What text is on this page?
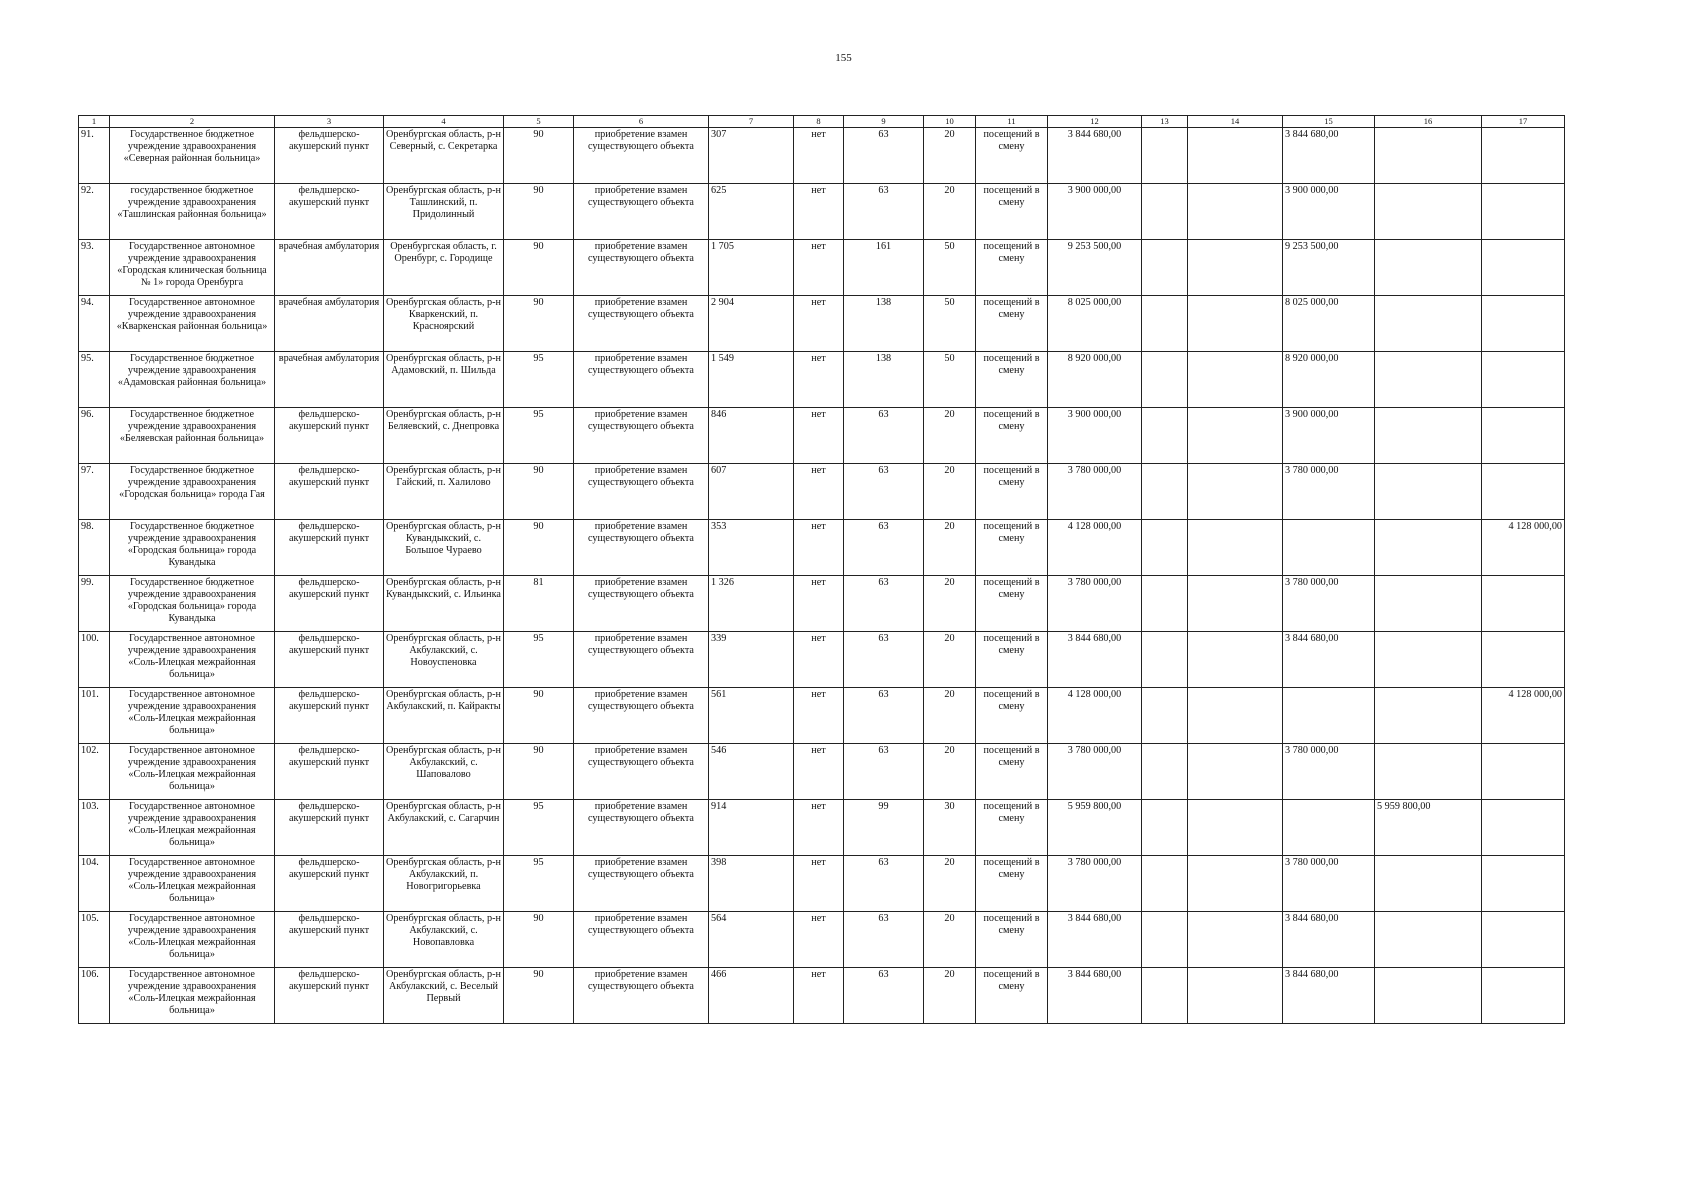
155
1	2	3	4	5	6	7	8	9	10	11	12	13	14	15	16	17
91.	Государственное бюджетное учреждение здравоохранения «Северная районная больница»	фельдшерско-акушерский пункт	Оренбургская область, р-н Северный, с. Секретарка	90	приобретение взамен существующего объекта	307	нет	63	20	посещений в смену	3 844 680,00			3 844 680,00		
92.	государственное бюджетное учреждение здравоохранения «Ташлинская районная больница»	фельдшерско-акушерский пункт	Оренбургская область, р-н Ташлинский, п. Придолинный	90	приобретение взамен существующего объекта	625	нет	63	20	посещений в смену	3 900 000,00			3 900 000,00		
93.	Государственное автономное учреждение здравоохранения «Городская клиническая больница № 1» города Оренбурга	врачебная амбулатория	Оренбургская область, г. Оренбург, с. Городище	90	приобретение взамен существующего объекта	1 705	нет	161	50	посещений в смену	9 253 500,00			9 253 500,00		
94.	Государственное автономное учреждение здравоохранения «Кваркенская районная больница»	врачебная амбулатория	Оренбургская область, р-н Кваркенский, п. Красноярский	90	приобретение взамен существующего объекта	2 904	нет	138	50	посещений в смену	8 025 000,00			8 025 000,00		
95.	Государственное бюджетное учреждение здравоохранения «Адамовская районная больница»	врачебная амбулатория	Оренбургская область, р-н Адамовский, п. Шильда	95	приобретение взамен существующего объекта	1 549	нет	138	50	посещений в смену	8 920 000,00			8 920 000,00		
96.	Государственное бюджетное учреждение здравоохранения «Беляевская районная больница»	фельдшерско-акушерский пункт	Оренбургская область, р-н Беляевский, с. Днепровка	95	приобретение взамен существующего объекта	846	нет	63	20	посещений в смену	3 900 000,00			3 900 000,00		
97.	Государственное бюджетное учреждение здравоохранения «Городская больница» города Гая	фельдшерско-акушерский пункт	Оренбургская область, р-н Гайский, п. Халилово	90	приобретение взамен существующего объекта	607	нет	63	20	посещений в смену	3 780 000,00			3 780 000,00		
98.	Государственное бюджетное учреждение здравоохранения «Городская больница» города Кувандыка	фельдшерско-акушерский пункт	Оренбургская область, р-н Кувандыкский, с. Большое Чураево	90	приобретение взамен существующего объекта	353	нет	63	20	посещений в смену	4 128 000,00					4 128 000,00
99.	Государственное бюджетное учреждение здравоохранения «Городская больница» города Кувандыка	фельдшерско-акушерский пункт	Оренбургская область, р-н Кувандыкский, с. Ильинка	81	приобретение взамен существующего объекта	1 326	нет	63	20	посещений в смену	3 780 000,00			3 780 000,00		
100.	Государственное автономное учреждение здравоохранения «Соль-Илецкая межрайонная больница»	фельдшерско-акушерский пункт	Оренбургская область, р-н Акбулакский, с. Новоуспеновка	95	приобретение взамен существующего объекта	339	нет	63	20	посещений в смену	3 844 680,00			3 844 680,00		
101.	Государственное автономное учреждение здравоохранения «Соль-Илецкая межрайонная больница»	фельдшерско-акушерский пункт	Оренбургская область, р-н Акбулакский, п. Кайракты	90	приобретение взамен существующего объекта	561	нет	63	20	посещений в смену	4 128 000,00					4 128 000,00
102.	Государственное автономное учреждение здравоохранения «Соль-Илецкая межрайонная больница»	фельдшерско-акушерский пункт	Оренбургская область, р-н Акбулакский, с. Шаповалово	90	приобретение взамен существующего объекта	546	нет	63	20	посещений в смену	3 780 000,00			3 780 000,00		
103.	Государственное автономное учреждение здравоохранения «Соль-Илецкая межрайонная больница»	фельдшерско-акушерский пункт	Оренбургская область, р-н Акбулакский, с. Сагарчин	95	приобретение взамен существующего объекта	914	нет	99	30	посещений в смену	5 959 800,00				5 959 800,00	
104.	Государственное автономное учреждение здравоохранения «Соль-Илецкая межрайонная больница»	фельдшерско-акушерский пункт	Оренбургская область, р-н Акбулакский, п. Новогригорьевка	95	приобретение взамен существующего объекта	398	нет	63	20	посещений в смену	3 780 000,00			3 780 000,00		
105.	Государственное автономное учреждение здравоохранения «Соль-Илецкая межрайонная больница»	фельдшерско-акушерский пункт	Оренбургская область, р-н Акбулакский, с. Новопавловка	90	приобретение взамен существующего объекта	564	нет	63	20	посещений в смену	3 844 680,00			3 844 680,00		
106.	Государственное автономное учреждение здравоохранения «Соль-Илецкая межрайонная больница»	фельдшерско-акушерский пункт	Оренбургская область, р-н Акбулакский, с. Веселый Первый	90	приобретение взамен существующего объекта	466	нет	63	20	посещений в смену	3 844 680,00			3 844 680,00		
